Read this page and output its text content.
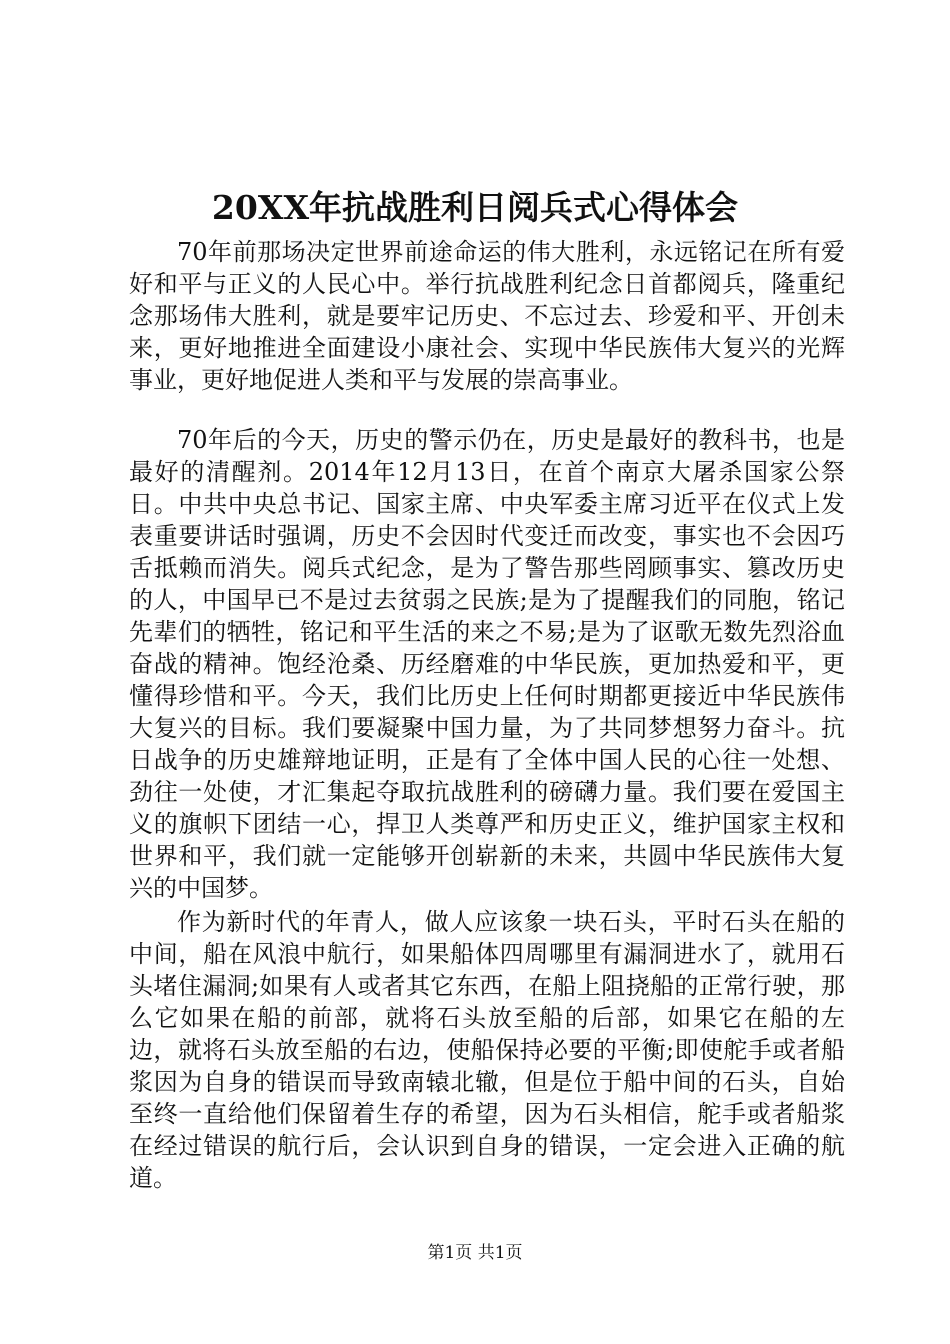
20XX年抗战胜利日阅兵式心得体会

70年前那场决定世界前途命运的伟大胜利，永远铭记在所有爱好和平与正义的人民心中。举行抗战胜利纪念日首都阅兵，隆重纪念那场伟大胜利，就是要牢记历史、不忘过去、珍爱和平、开创未来，更好地推进全面建设小康社会、实现中华民族伟大复兴的光辉事业，更好地促进人类和平与发展的崇高事业。

70年后的今天，历史的警示仍在，历史是最好的教科书，也是最好的清醒剂。2014年12月13日，在首个南京大屠杀国家公祭日。中共中央总书记、国家主席、中央军委主席习近平在仪式上发表重要讲话时强调，历史不会因时代变迁而改变，事实也不会因巧舌抵赖而消失。阅兵式纪念，是为了警告那些罔顾事实、篡改历史的人，中国早已不是过去贫弱之民族;是为了提醒我们的同胞，铭记先辈们的牺牲，铭记和平生活的来之不易;是为了讴歌无数先烈浴血奋战的精神。饱经沧桑、历经磨难的中华民族，更加热爱和平，更懂得珍惜和平。今天，我们比历史上任何时期都更接近中华民族伟大复兴的目标。我们要凝聚中国力量，为了共同梦想努力奋斗。抗日战争的历史雄辩地证明，正是有了全体中国人民的心往一处想、劲往一处使，才汇集起夺取抗战胜利的磅礴力量。我们要在爱国主义的旗帜下团结一心，捍卫人类尊严和历史正义，维护国家主权和世界和平，我们就一定能够开创崭新的未来，共圆中华民族伟大复兴的中国梦。

作为新时代的年青人，做人应该象一块石头，平时石头在船的中间，船在风浪中航行，如果船体四周哪里有漏洞进水了，就用石头堵住漏洞;如果有人或者其它东西，在船上阻挠船的正常行驶，那么它如果在船的前部，就将石头放至船的后部，如果它在船的左边，就将石头放至船的右边，使船保持必要的平衡;即使舵手或者船浆因为自身的错误而导致南辕北辙，但是位于船中间的石头，自始至终一直给他们保留着生存的希望，因为石头相信，舵手或者船浆在经过错误的航行后，会认识到自身的错误，一定会进入正确的航道。

第1页 共1页
